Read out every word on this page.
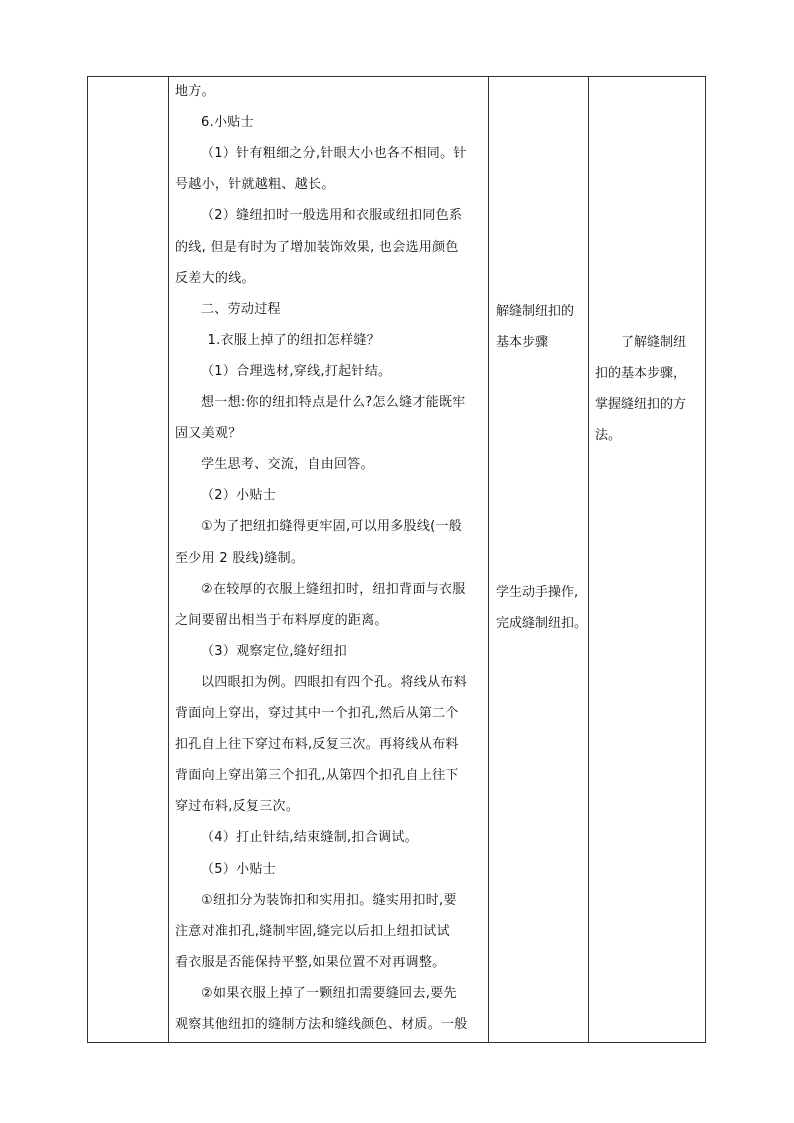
地方。
6.小贴士
（1）针有粗细之分,针眼大小也各不相同。针
号越小，针就越粗、越长。
（2）缝纽扣时一般选用和衣服或纽扣同色系
的线, 但是有时为了增加装饰效果, 也会选用颜色
反差大的线。
二、劳动过程
1.衣服上掉了的纽扣怎样缝？
（1）合理选材,穿线,打起针结。
想一想:你的纽扣特点是什么?怎么缝才能既牢
固又美观？
学生思考、交流，自由回答。
（2）小贴士
①为了把纽扣缝得更牢固,可以用多股线(一般
至少用 2 股线)缝制。
②在较厚的衣服上缝纽扣时，纽扣背面与衣服
之间要留出相当于布料厚度的距离。
（3）观察定位,缝好纽扣
以四眼扣为例。四眼扣有四个孔。将线从布料
背面向上穿出，穿过其中一个扣孔,然后从第二个
扣孔自上往下穿过布料,反复三次。再将线从布料
背面向上穿出第三个扣孔,从第四个扣孔自上往下
穿过布料,反复三次。
（4）打止针结,结束缝制,扣合调试。
（5）小贴士
①纽扣分为装饰扣和实用扣。缝实用扣时,要
注意对准扣孔,缝制牢固,缝完以后扣上纽扣试试
看衣服是否能保持平整,如果位置不对再调整。
②如果衣服上掉了一颗纽扣需要缝回去,要先
观察其他纽扣的缝制方法和缝线颜色、材质。一般
解缝制纽扣的
基本步骤
学生动手操作,
完成缝制纽扣。
了解缝制纽
扣的基本步骤，
掌握缝纽扣的方
法。
